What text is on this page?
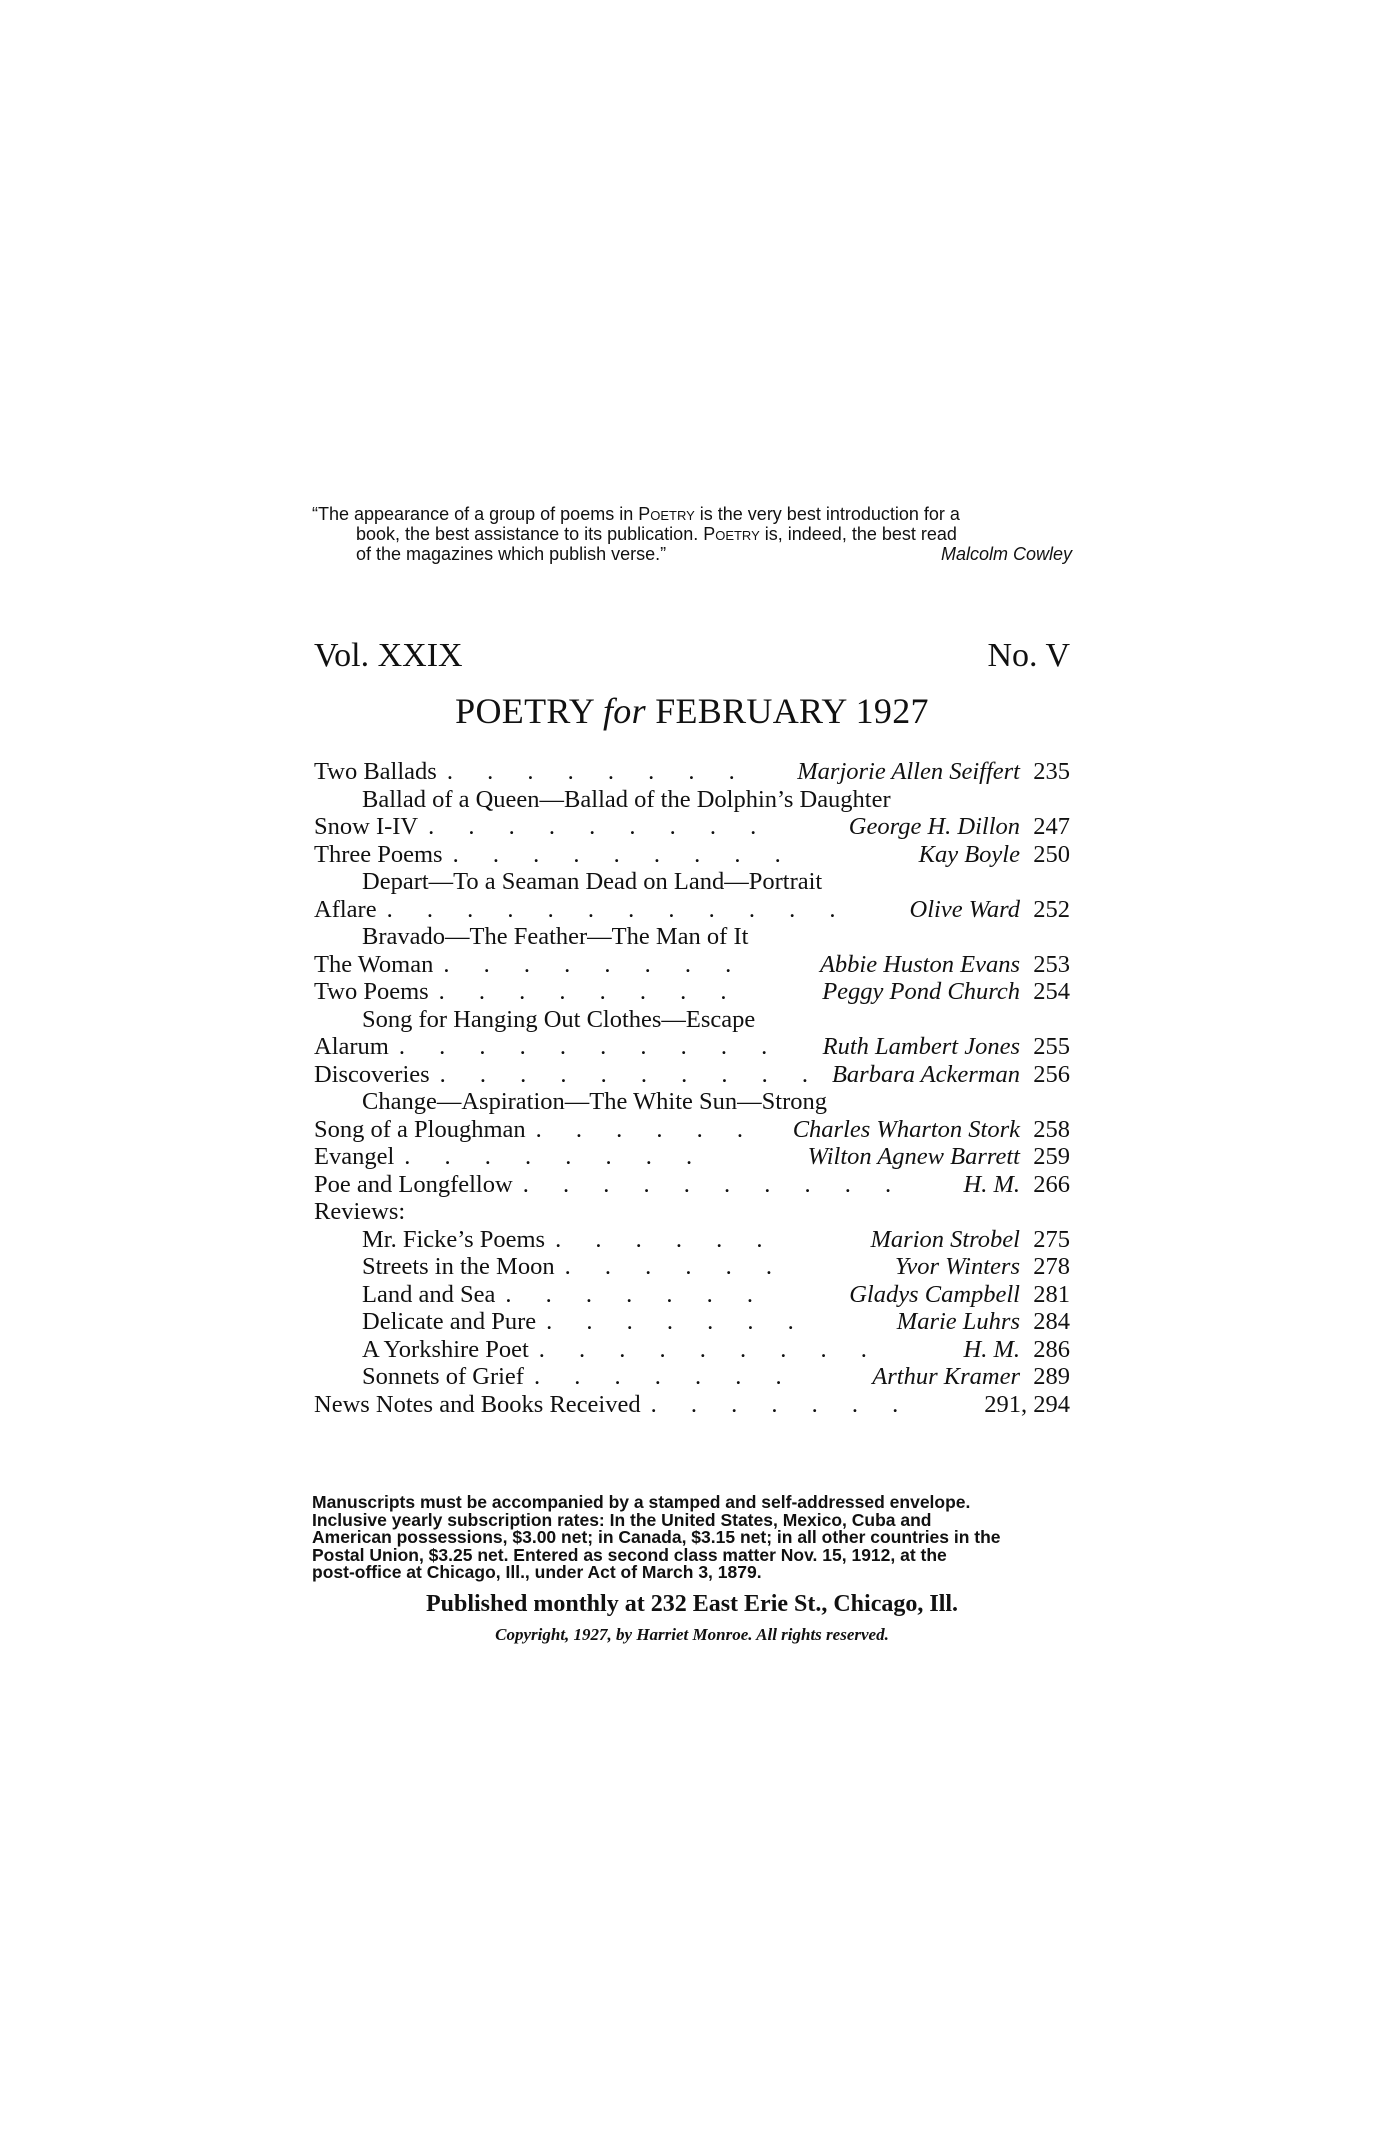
“The appearance of a group of poems in Poetry is the very best introduction for a
book, the best assistance to its publication. Poetry is, indeed, the best read
of the magazines which publish verse.”	Malcolm Cowley
Vol. XXIX	No. V
POETRY for FEBRUARY 1927
Two Ballads . . . . . . . .	Marjorie Allen Seiffert 235
Ballad of a Queen—Ballad of the Dolphin’s Daughter
Snow I-IV . . . . . . . . .	George H. Dillon 247
Three Poems . . . . . . . . .	Kay Boyle 250
Depart—To a Seaman Dead on Land—Portrait
Aflare . . . . . . . . . . . .	Olive Ward 252
Bravado—The Feather—The Man of It
The Woman . . . . . . . .	Abbie Huston Evans 253
Two Poems . . . . . . . .	Peggy Pond Church 254
Song for Hanging Out Clothes—Escape
Alarum . . . . . . . . . .	Ruth Lambert Jones 255
Discoveries . . . . . . . . . . Barbara Ackerman 256
Change—Aspiration—The White Sun—Strong
Song of a Ploughman . . . . . .	Charles Wharton Stork 258
Evangel . . . . . . . .	Wilton Agnew Barrett 259
Poe and Longfellow . . . . . . . . . .	H. M. 266
Reviews:
Mr. Ficke’s Poems . . . . . .	Marion Strobel 275
Streets in the Moon . . . . . .	Yvor Winters 278
Land and Sea . . . . . . .	Gladys Campbell 281
Delicate and Pure . . . . . . .	Marie Luhrs 284
A Yorkshire Poet . . . . . . . . .	H. M. 286
Sonnets of Grief . . . . . . .	Arthur Kramer 289
News Notes and Books Received . . . . . . .	291, 294
Manuscripts must be accompanied by a stamped and self-addressed envelope.
Inclusive yearly subscription rates: In the United States, Mexico, Cuba and
American possessions, $3.00 net; in Canada, $3.15 net; in all other countries in the
Postal Union, $3.25 net. Entered as second class matter Nov. 15, 1912, at the
post-office at Chicago, Ill., under Act of March 3, 1879.
Published monthly at 232 East Erie St., Chicago, Ill.
Copyright, 1927, by Harriet Monroe. All rights reserved.
